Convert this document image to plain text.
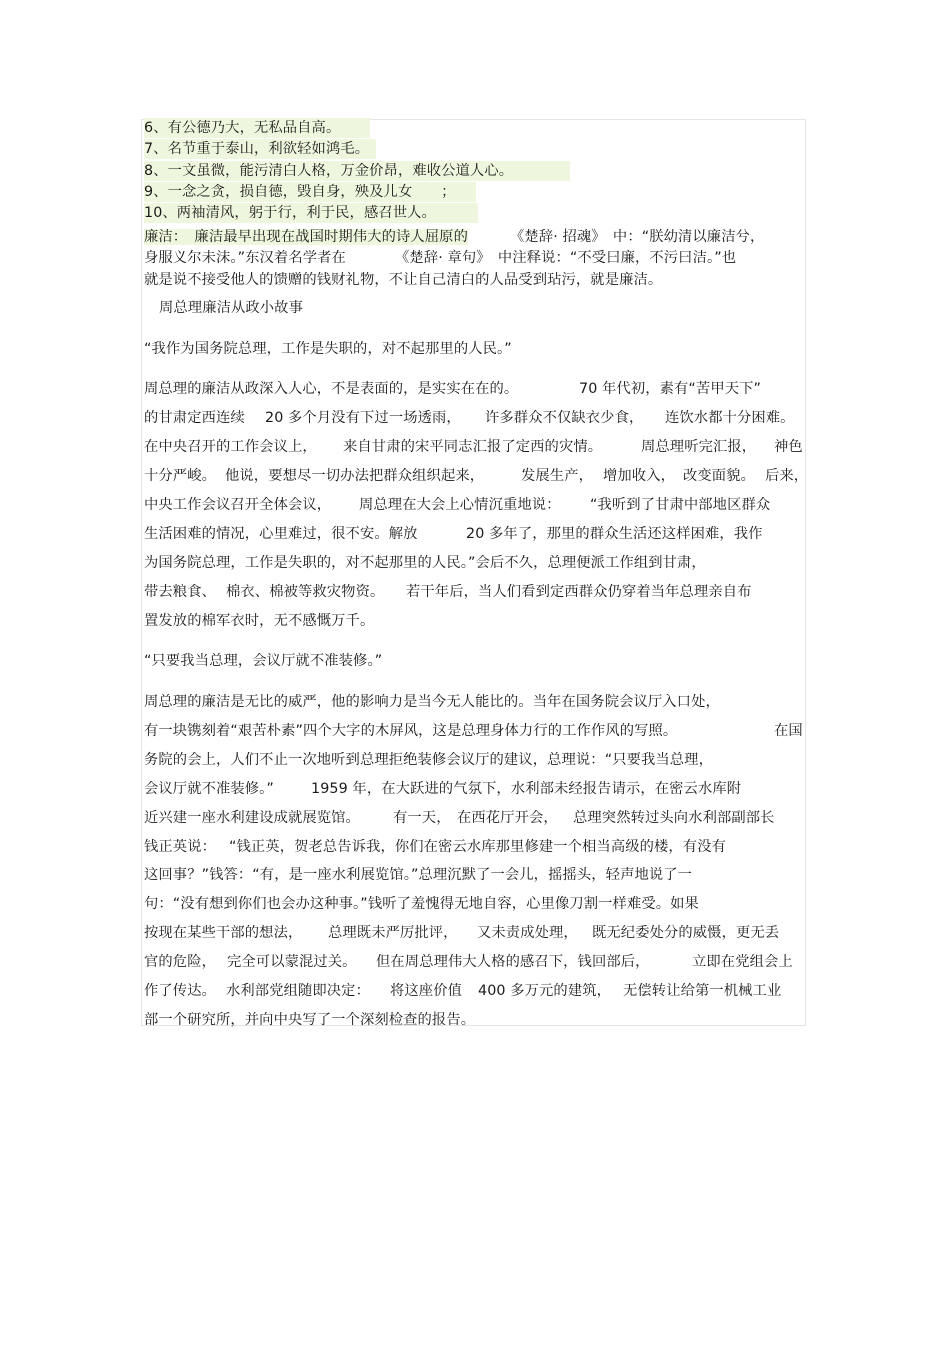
6、有公德乃大，无私品自高。
7、名节重于泰山，利欲轻如鸿毛。
8、一文虽微，能污清白人格，万金价昂，难收公道人心。
9、一念之贪，损自德，毁自身，殃及儿女　　；
10、两袖清风，躬于行，利于民，感召世人。
廉洁：　廉洁最早出现在战国时期伟大的诗人屈原的	《楚辞· 招魂》　中：“朕幼清以廉洁兮，
身服义尔未沫。”东汉着名学者在	《楚辞· 章句》　中注释说：“不受曰廉，不污曰洁。”也
就是说不接受他人的馈赠的钱财礼物，不让自己清白的人品受到玷污，就是廉洁。
周总理廉洁从政小故事
“我作为国务院总理，工作是失职的，对不起那里的人民。”
周总理的廉洁从政深入人心，不是表面的，是实实在在的。	70 年代初，素有“苦甲天下”
的甘肃定西连续 20 多个月没有下过一场透雨， 许多群众不仅缺衣少食， 连饮水都十分困难。
在中央召开的工作会议上， 来自甘肃的宋平同志汇报了定西的灾情。	周总理听完汇报， 神色
十分严峻。 他说，要想尽一切办法把群众组织起来，	发展生产， 增加收入， 改变面貌。 后来，
中央工作会议召开全体会议， 周总理在大会上心情沉重地说： “我听到了甘肃中部地区群众
生活困难的情况，心里难过，很不安。解放	20 多年了，那里的群众生活还这样困难，我作
为国务院总理，工作是失职的，对不起那里的人民。”会后不久，总理便派工作组到甘肃，
带去粮食、 棉衣、棉被等救灾物资。 若干年后，当人们看到定西群众仍穿着当年总理亲自布
置发放的棉军衣时，无不感慨万千。
“只要我当总理，会议厅就不准装修。”
周总理的廉洁是无比的威严，他的影响力是当今无人能比的。当年在国务院会议厅入口处，
有一块镌刻着“艰苦朴素”四个大字的木屏风，这是总理身体力行的工作作风的写照。	在国
务院的会上，人们不止一次地听到总理拒绝装修会议厅的建议，总理说：“只要我当总理，
会议厅就不准装修。”	1959 年，在大跃进的气氛下，水利部未经报告请示，在密云水库附
近兴建一座水利建设成就展览馆。 有一天， 在西花厅开会， 总理突然转过头向水利部副部长
钱正英说： “钱正英，贺老总告诉我，你们在密云水库那里修建一个相当高级的楼，有没有
这回事？”钱答：“有，是一座水利展览馆。”总理沉默了一会儿，摇摇头，轻声地说了一
句：“没有想到你们也会办这种事。”钱听了羞愧得无地自容，心里像刀割一样难受。如果
按现在某些干部的想法， 总理既未严厉批评， 又未责成处理， 既无纪委处分的威慑，更无丢
官的危险， 完全可以蒙混过关。 但在周总理伟大人格的感召下，钱回部后，	立即在党组会上
作了传达。 水利部党组随即决定： 将这座价值 400 多万元的建筑， 无偿转让给第一机械工业
部一个研究所，并向中央写了一个深刻检查的报告。
